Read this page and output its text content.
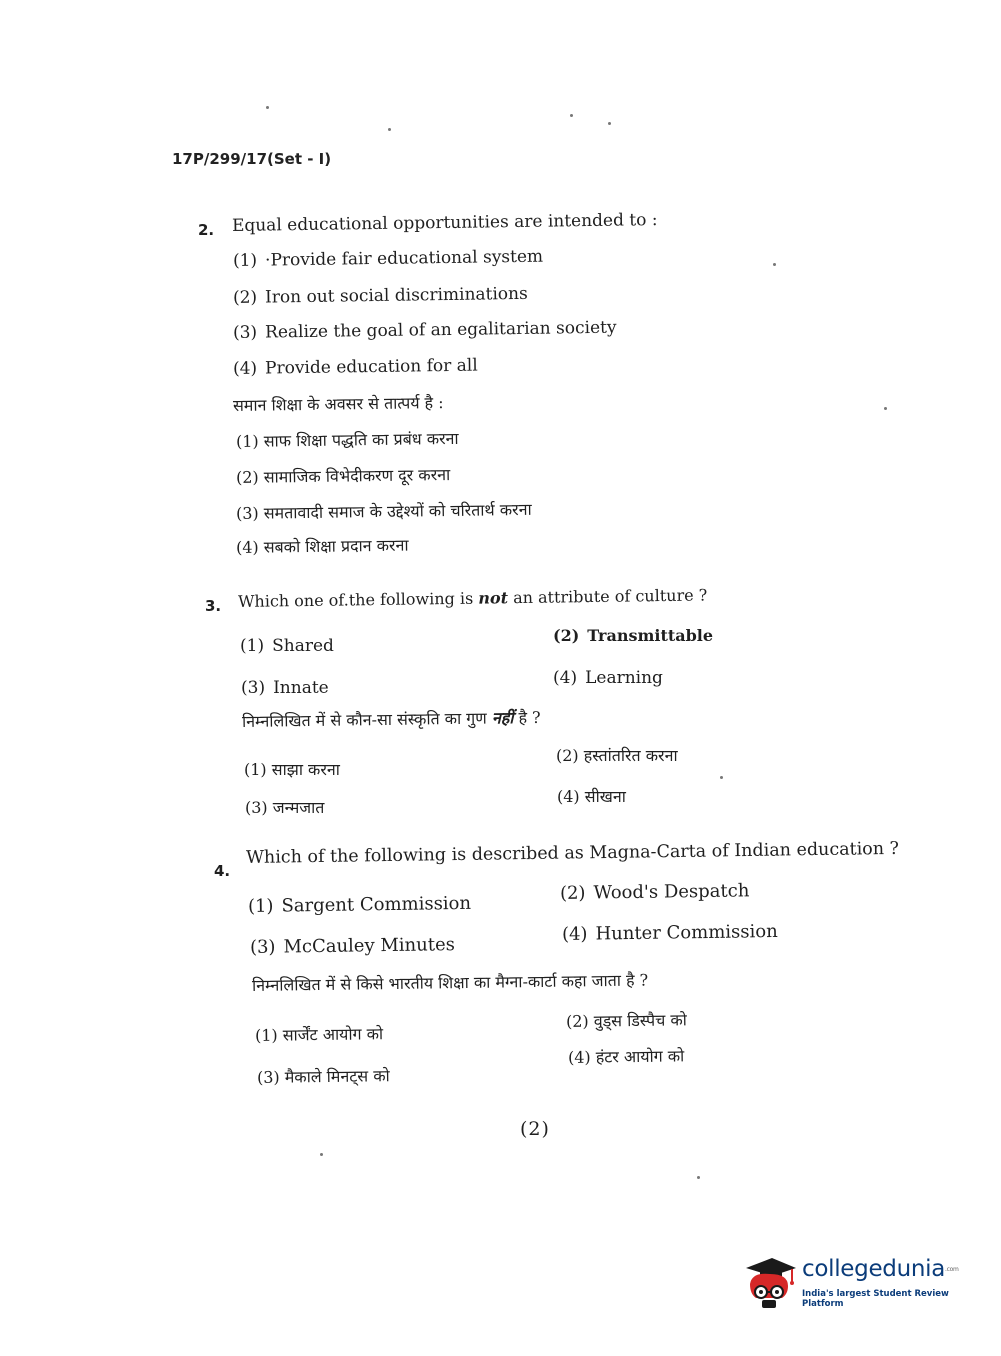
17P/299/17(Set - I)
2. Equal educational opportunities are intended to :
(1) ·Provide fair educational system
(2) Iron out social discriminations
(3) Realize the goal of an egalitarian society
(4) Provide education for all
समान शिक्षा के अवसर से तात्पर्य है :
(1) साफ शिक्षा पद्धति का प्रबंध करना
(2) सामाजिक विभेदीकरण दूर करना
(3) समतावादी समाज के उद्देश्यों को चरितार्थ करना
(4) सबको शिक्षा प्रदान करना
3. Which one of.the following is not an attribute of culture ?
(1) Shared
(2) Transmittable
(3) Innate	(4) Learning
निम्नलिखित में से कौन-सा संस्कृति का गुण नहीं है ?
(1) साझा करना
(2) हस्तांतरित करना
(3) जन्मजात
(4) सीखना
4.
Which of the following is described as Magna-Carta of Indian education ?
(1) Sargent Commission	(2) Wood's Despatch
(3) McCauley Minutes	(4) Hunter Commission
निम्नलिखित में से किसे भारतीय शिक्षा का मैग्ना-कार्टा कहा जाता है ?
(1) सार्जेंट आयोग को
(2) वुड्स डिस्पैच को
(3) मैकाले मिनट्स को
(4) हंटर आयोग को
(2)
collegedunia.com
India's largest Student Review Platform
